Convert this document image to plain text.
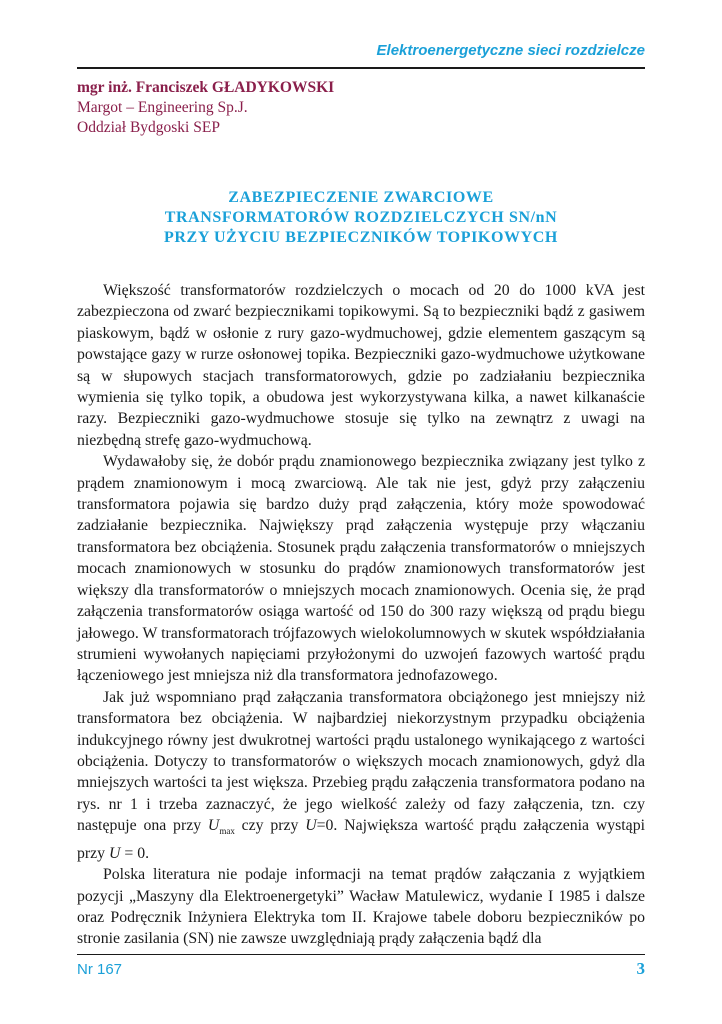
Elektroenergetyczne sieci rozdzielcze
mgr inż. Franciszek GŁADYKOWSKI
Margot – Engineering Sp.J.
Oddział Bydgoski SEP
ZABEZPIECZENIE ZWARCIOWE
TRANSFORMATORÓW ROZDZIELCZYCH SN/nN
PRZY UŻYCIU BEZPIECZNIKÓW TOPIKOWYCH

Większość transformatorów rozdzielczych o mocach od 20 do 1000 kVA jest zabezpieczona od zwarć bezpiecznikami topikowymi. Są to bezpieczniki bądź z gasiwem piaskowym, bądź w osłonie z rury gazo-wydmuchowej, gdzie elementem gaszącym są powstające gazy w rurze osłonowej topika. Bezpieczniki gazo-wydmuchowe użytkowane są w słupowych stacjach transformatorowych, gdzie po zadziałaniu bezpiecznika wymienia się tylko topik, a obudowa jest wykorzystywana kilka, a nawet kilkanaście razy. Bezpieczniki gazo-wydmuchowe stosuje się tylko na zewnątrz z uwagi na niezbędną strefę gazo-wydmuchową.

Wydawałoby się, że dobór prądu znamionowego bezpiecznika związany jest tylko z prądem znamionowym i mocą zwarciową. Ale tak nie jest, gdyż przy załączeniu transformatora pojawia się bardzo duży prąd załączenia, który może spowodować zadziałanie bezpiecznika. Największy prąd załączenia występuje przy włączaniu transformatora bez obciążenia. Stosunek prądu załączenia transformatorów o mniejszych mocach znamionowych w stosunku do prądów znamionowych transformatorów jest większy dla transformatorów o mniejszych mocach znamionowych. Ocenia się, że prąd załączenia transformatorów osiąga wartość od 150 do 300 razy większą od prądu biegu jałowego. W transformatorach trójfazowych wielokolumnowych w skutek współdziałania strumieni wywołanych napięciami przyłożonymi do uzwojeń fazowych wartość prądu łączeniowego jest mniejsza niż dla transformatora jednofazowego.

Jak już wspomniano prąd załączania transformatora obciążonego jest mniejszy niż transformatora bez obciążenia. W najbardziej niekorzystnym przypadku obciążenia indukcyjnego równy jest dwukrotnej wartości prądu ustalonego wynikającego z wartości obciążenia. Dotyczy to transformatorów o większych mocach znamionowych, gdyż dla mniejszych wartości ta jest większa. Przebieg prądu załączenia transformatora podano na rys. nr 1 i trzeba zaznaczyć, że jego wielkość zależy od fazy załączenia, tzn. czy następuje ona przy $U_{max}$ czy przy U=0. Największa wartość prądu załączenia wystąpi przy U = 0.

Polska literatura nie podaje informacji na temat prądów załączania z wyjątkiem pozycji „Maszyny dla Elektroenergetyki” Wacław Matulewicz, wydanie I 1985 i dalsze oraz Podręcznik Inżyniera Elektryka tom II. Krajowe tabele doboru bezpieczników po stronie zasilania (SN) nie zawsze uwzględniają prądy załączenia bądź dla

Nr 167	3
